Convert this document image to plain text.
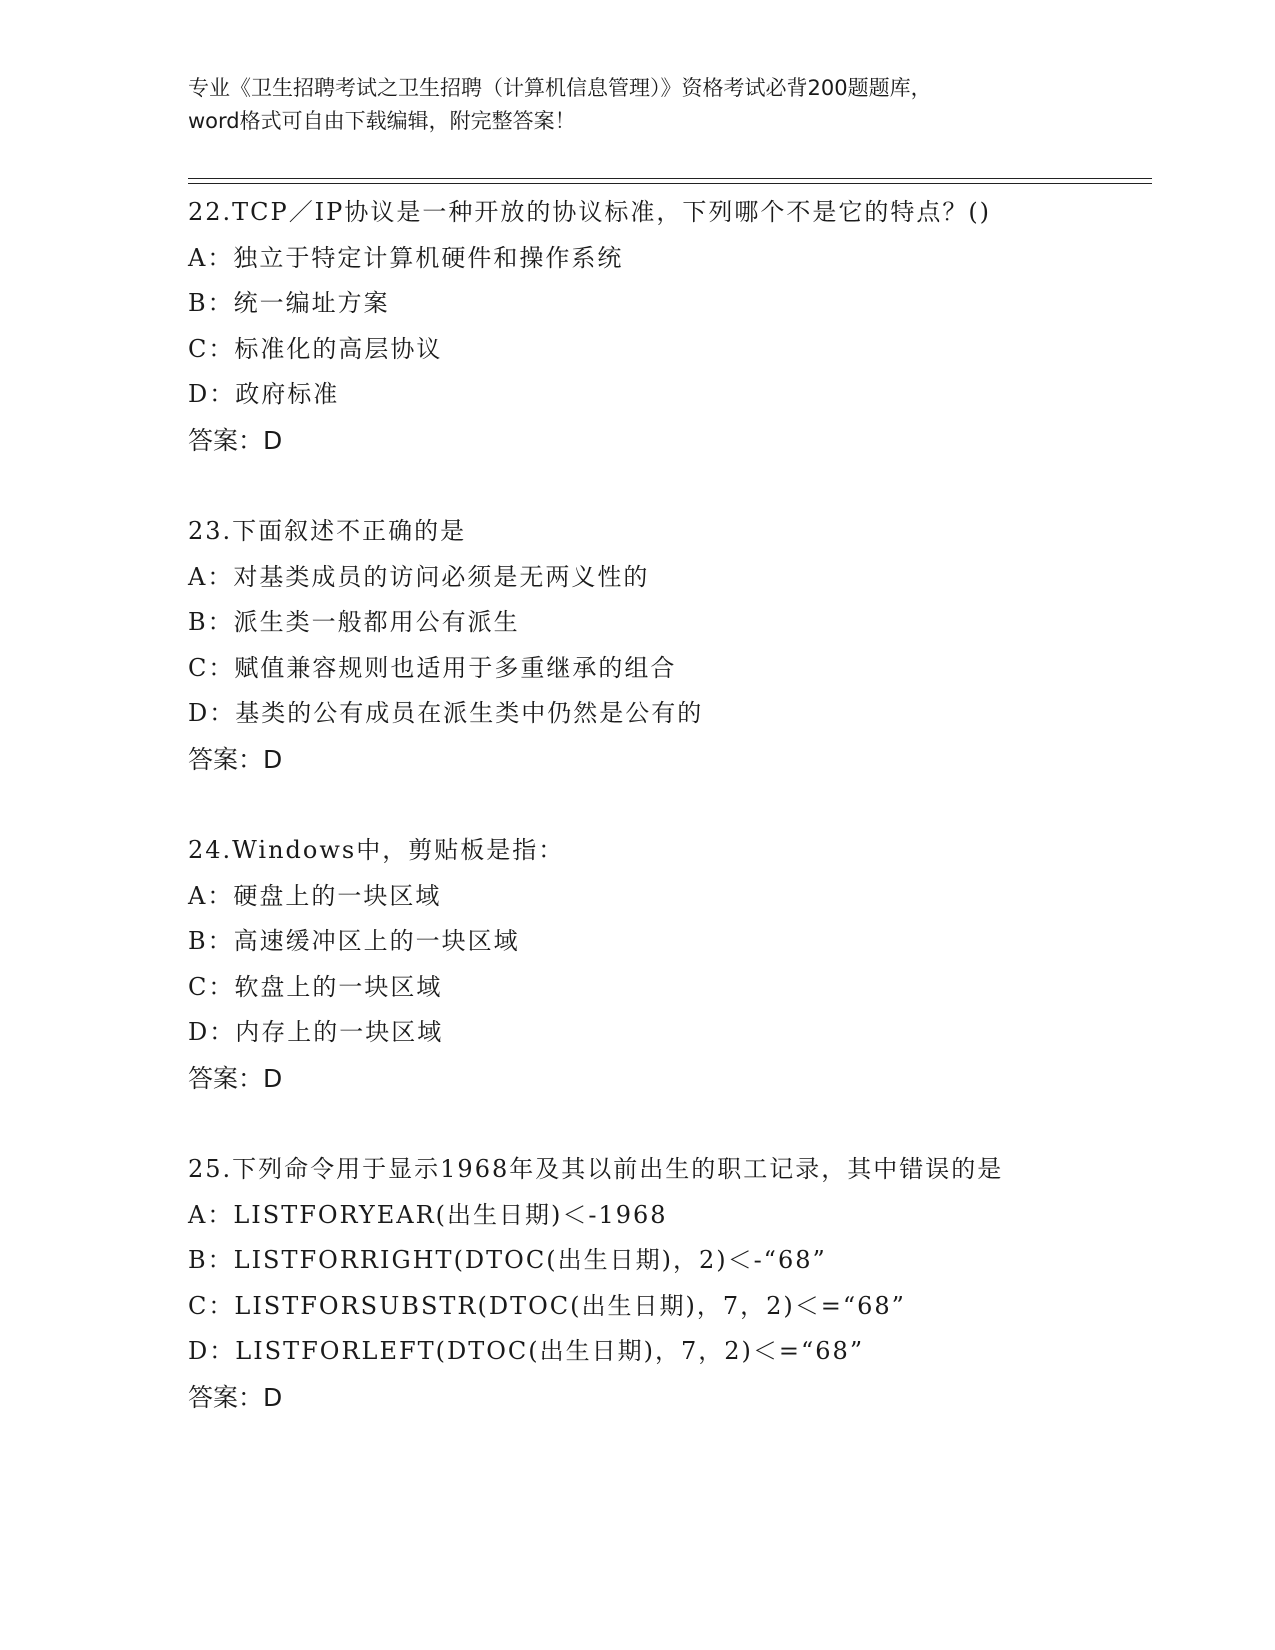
专业《卫生招聘考试之卫生招聘（计算机信息管理）》资格考试必背200题题库，
word格式可自由下载编辑，附完整答案！
22.TCP／IP协议是一种开放的协议标准，下列哪个不是它的特点？()
A：独立于特定计算机硬件和操作系统
B：统一编址方案
C：标准化的高层协议
D：政府标准
答案：D
23.下面叙述不正确的是
A：对基类成员的访问必须是无两义性的
B：派生类一般都用公有派生
C：赋值兼容规则也适用于多重继承的组合
D：基类的公有成员在派生类中仍然是公有的
答案：D
24.Windows中，剪贴板是指：
A：硬盘上的一块区域
B：高速缓冲区上的一块区域
C：软盘上的一块区域
D：内存上的一块区域
答案：D
25.下列命令用于显示1968年及其以前出生的职工记录，其中错误的是
A：LISTFORYEAR(出生日期)＜-1968
B：LISTFORRIGHT(DTOC(出生日期)，2)＜-“68”
C：LISTFORSUBSTR(DTOC(出生日期)，7，2)＜=“68”
D：LISTFORLEFT(DTOC(出生日期)，7，2)＜=“68”
答案：D
